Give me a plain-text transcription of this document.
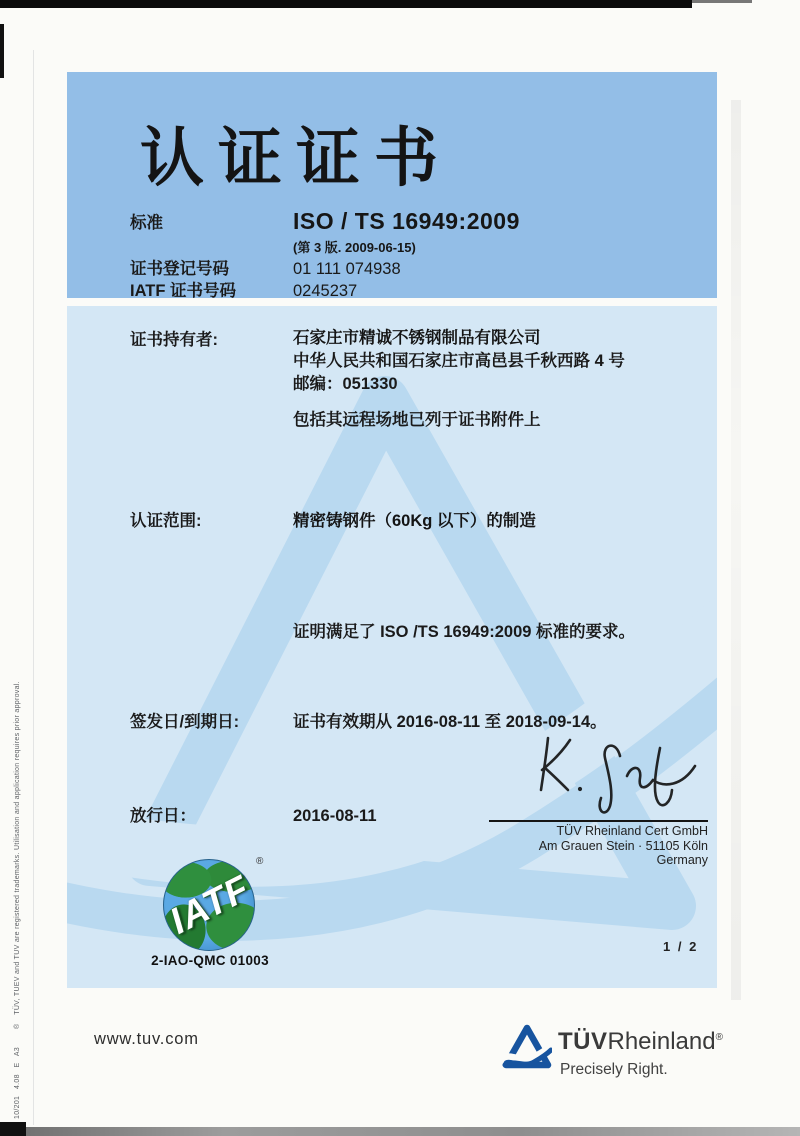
10/201   4.08   E   A3        ®    TÜV, TUEV and TUV are registered trademarks. Utilisation and application requires prior approval.
认证证书
标准	ISO / TS 16949:2009
(第 3 版. 2009-06-15)
证书登记号码	01 111 074938
IATF 证书号码	0245237
证书持有者:	石家庄市精诚不锈钢制品有限公司
中华人民共和国石家庄市高邑县千秋西路 4 号
邮编：051330
包括其远程场地已列于证书附件上
认证范围:	精密铸钢件（60Kg 以下）的制造
证明满足了 ISO /TS 16949:2009 标准的要求。
签发日/到期日:	证书有效期从 2016-08-11 至 2018-09-14。
放行日：	2016-08-11
TÜV Rheinland Cert GmbH
Am Grauen Stein · 51105 Köln
Germany
IATF
®
2-IAO-QMC 01003
1 / 2
www.tuv.com	TÜVRheinland®
Precisely Right.
